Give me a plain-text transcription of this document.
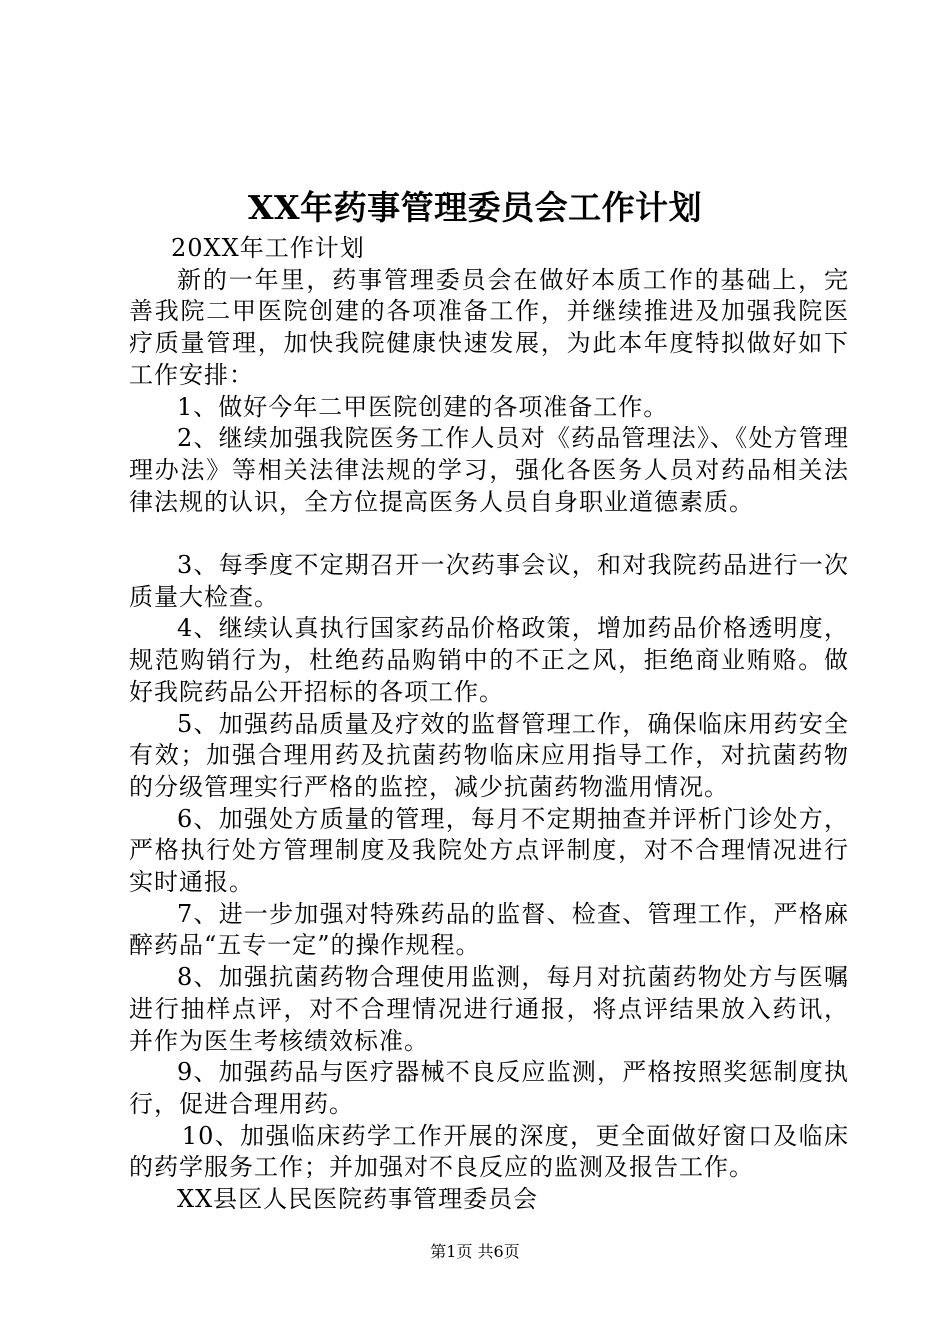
XX年药事管理委员会工作计划

20XX年工作计划

新的一年里，药事管理委员会在做好本质工作的基础上，完善我院二甲医院创建的各项准备工作，并继续推进及加强我院医疗质量管理，加快我院健康快速发展，为此本年度特拟做好如下工作安排：

1、做好今年二甲医院创建的各项准备工作。

2、继续加强我院医务工作人员对《药品管理法》、《处方管理理办法》等相关法律法规的学习，强化各医务人员对药品相关法律法规的认识，全方位提高医务人员自身职业道德素质。

3、每季度不定期召开一次药事会议，和对我院药品进行一次质量大检查。

4、继续认真执行国家药品价格政策，增加药品价格透明度，规范购销行为，杜绝药品购销中的不正之风，拒绝商业贿赂。做好我院药品公开招标的各项工作。

5、加强药品质量及疗效的监督管理工作，确保临床用药安全有效；加强合理用药及抗菌药物临床应用指导工作，对抗菌药物的分级管理实行严格的监控，减少抗菌药物滥用情况。

6、加强处方质量的管理，每月不定期抽查并评析门诊处方，严格执行处方管理制度及我院处方点评制度，对不合理情况进行实时通报。

7、进一步加强对特殊药品的监督、检查、管理工作，严格麻醉药品“五专一定”的操作规程。

8、加强抗菌药物合理使用监测，每月对抗菌药物处方与医嘱进行抽样点评，对不合理情况进行通报，将点评结果放入药讯，并作为医生考核绩效标准。

9、加强药品与医疗器械不良反应监测，严格按照奖惩制度执行，促进合理用药。

10、加强临床药学工作开展的深度，更全面做好窗口及临床的药学服务工作；并加强对不良反应的监测及报告工作。

XX县区人民医院药事管理委员会

第1页 共6页
